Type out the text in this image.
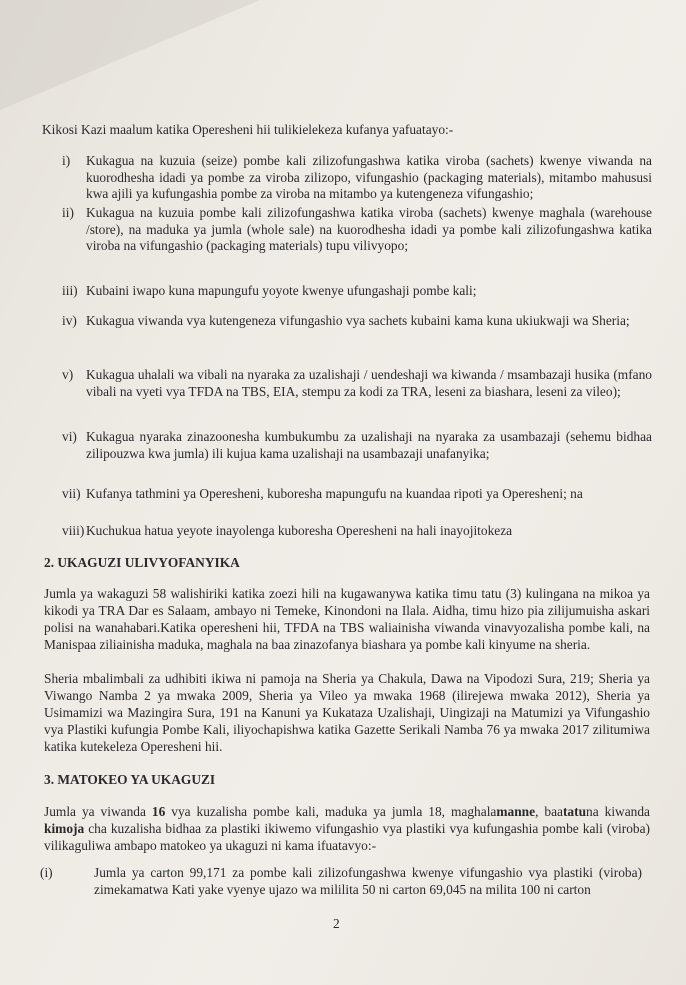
Kikosi Kazi maalum katika Operesheni hii tulikielekeza kufanya yafuatayo:-
i) Kukagua na kuzuia (seize) pombe kali zilizofungashwa katika viroba (sachets) kwenye viwanda na kuorodhesha idadi ya pombe za viroba zilizopo, vifungashio (packaging materials), mitambo mahususi kwa ajili ya kufungashia pombe za viroba na mitambo ya kutengeneza vifungashio;
ii) Kukagua na kuzuia pombe kali zilizofungashwa katika viroba (sachets) kwenye maghala (warehouse /store), na maduka ya jumla (whole sale) na kuorodhesha idadi ya pombe kali zilizofungashwa katika viroba na vifungashio (packaging materials) tupu vilivyopo;
iii) Kubaini iwapo kuna mapungufu yoyote kwenye ufungashaji pombe kali;
iv) Kukagua viwanda vya kutengeneza vifungashio vya sachets kubaini kama kuna ukiukwaji wa Sheria;
v) Kukagua uhalali wa vibali na nyaraka za uzalishaji / uendeshaji wa kiwanda / msambazaji husika (mfano vibali na vyeti vya TFDA na TBS, EIA, stempu za kodi za TRA, leseni za biashara, leseni za vileo);
vi) Kukagua nyaraka zinazoonesha kumbukumbu za uzalishaji na nyaraka za usambazaji (sehemu bidhaa zilipouzwa kwa jumla) ili kujua kama uzalishaji na usambazaji unafanyika;
vii) Kufanya tathmini ya Operesheni, kuboresha mapungufu na kuandaa ripoti ya Operesheni; na
viii) Kuchukua hatua yeyote inayolenga kuboresha Operesheni na hali inayojitokeza
2. UKAGUZI ULIVYOFANYIKA
Jumla ya wakaguzi 58 walishiriki katika zoezi hili na kugawanywa katika timu tatu (3) kulingana na mikoa ya kikodi ya TRA Dar es Salaam, ambayo ni Temeke, Kinondoni na Ilala. Aidha, timu hizo pia zilijumuisha askari polisi na wanahabari.Katika operesheni hii, TFDA na TBS waliainisha viwanda vinavyozalisha pombe kali, na Manispaa ziliainisha maduka, maghala na baa zinazofanya biashara ya pombe kali kinyume na sheria.
Sheria mbalimbali za udhibiti ikiwa ni pamoja na Sheria ya Chakula, Dawa na Vipodozi Sura, 219; Sheria ya Viwango Namba 2 ya mwaka 2009, Sheria ya Vileo ya mwaka 1968 (ilirejewa mwaka 2012), Sheria ya Usimamizi wa Mazingira Sura, 191 na Kanuni ya Kukataza Uzalishaji, Uingizaji na Matumizi ya Vifungashio vya Plastiki kufungia Pombe Kali, iliyochapishwa katika Gazette Serikali Namba 76 ya mwaka 2017 zilitumiwa katika kutekeleza Operesheni hii.
3. MATOKEO YA UKAGUZI
Jumla ya viwanda 16 vya kuzalisha pombe kali, maduka ya jumla 18, maghalamanne, baatatuna kiwanda kimoja cha kuzalisha bidhaa za plastiki ikiwemo vifungashio vya plastiki vya kufungashia pombe kali (viroba) vilikaguliwa ambapo matokeo ya ukaguzi ni kama ifuatavyo:-
(i)	Jumla ya carton 99,171 za pombe kali zilizofungashwa kwenye vifungashio vya plastiki (viroba) zimekamatwa Kati yake vyenye ujazo wa mililita 50 ni carton 69,045 na milita 100 ni carton
2
